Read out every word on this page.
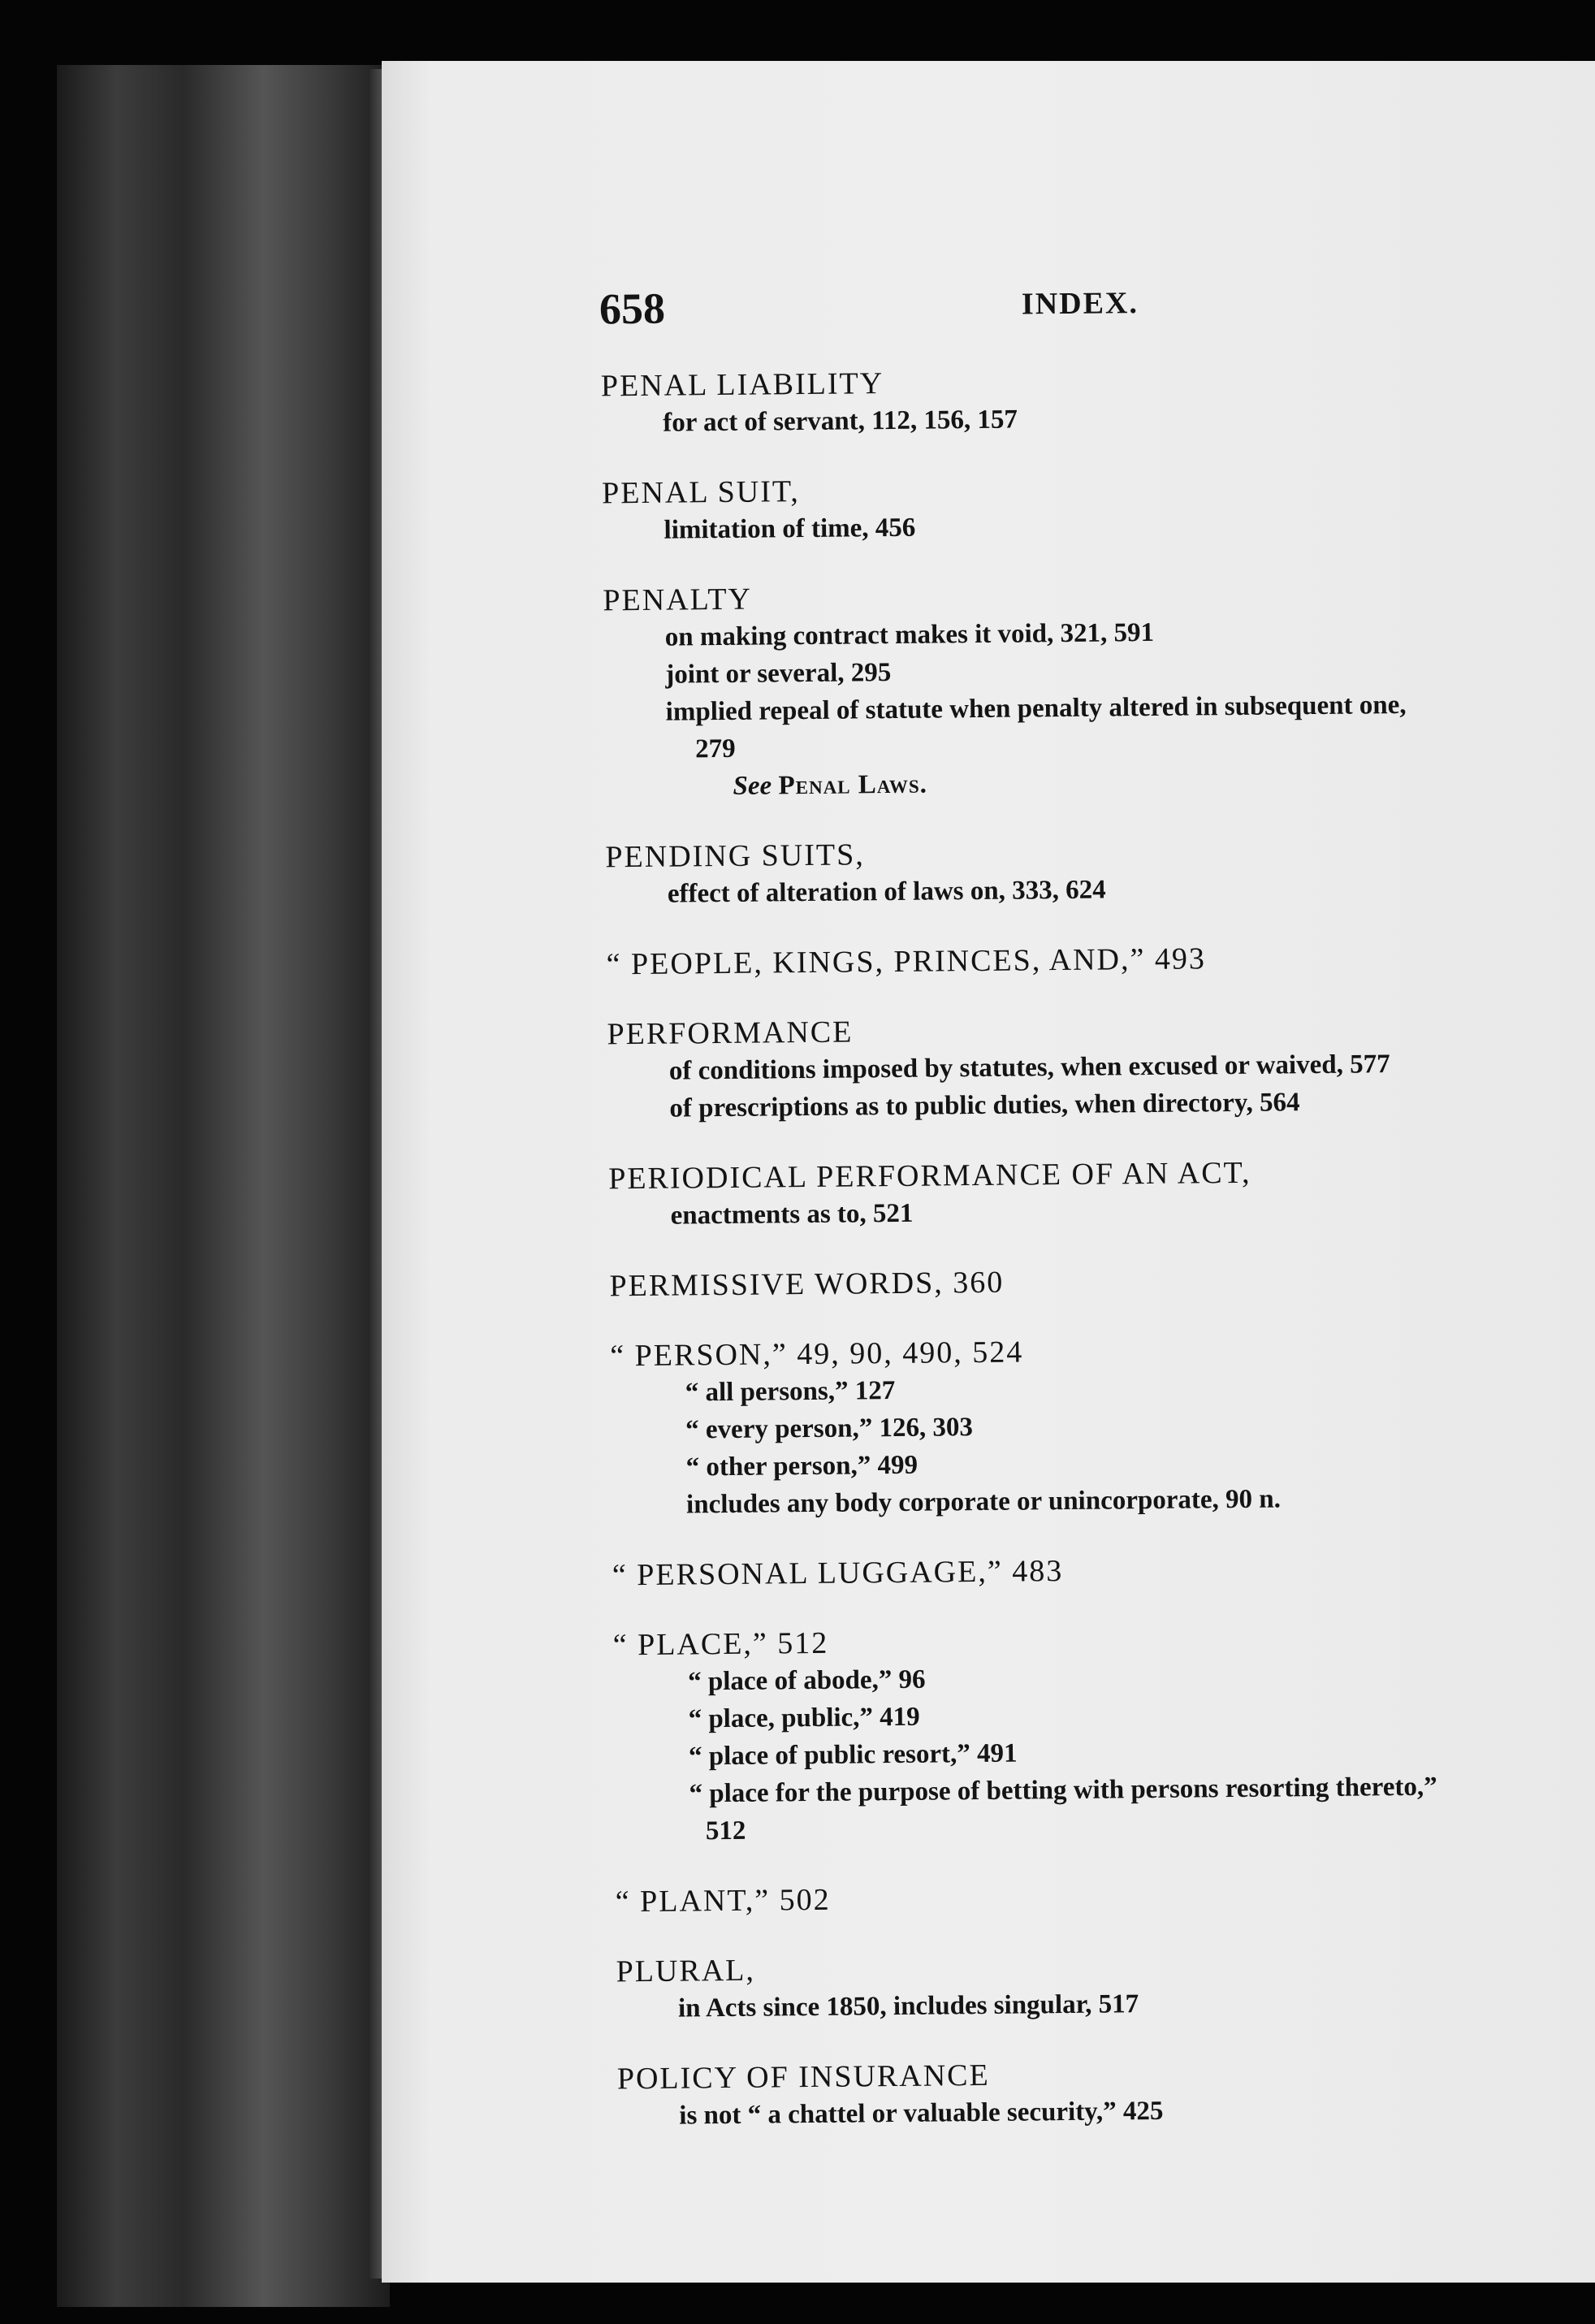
658	INDEX.
PENAL LIABILITY
for act of servant, 112, 156, 157
PENAL SUIT,
limitation of time, 456
PENALTY
on making contract makes it void, 321, 591
joint or several, 295
implied repeal of statute when penalty altered in subsequent one,
279
See Penal Laws.
PENDING SUITS,
effect of alteration of laws on, 333, 624
“ PEOPLE, KINGS, PRINCES, AND,” 493
PERFORMANCE
of conditions imposed by statutes, when excused or waived, 577
of prescriptions as to public duties, when directory, 564
PERIODICAL PERFORMANCE OF AN ACT,
enactments as to, 521
PERMISSIVE WORDS, 360
“ PERSON,” 49, 90, 490, 524
“ all persons,” 127
“ every person,” 126, 303
“ other person,” 499
includes any body corporate or unincorporate, 90 n.
“ PERSONAL LUGGAGE,” 483
“ PLACE,” 512
“ place of abode,” 96
“ place, public,” 419
“ place of public resort,” 491
“ place for the purpose of betting with persons resorting thereto,”
512
“ PLANT,” 502
PLURAL,
in Acts since 1850, includes singular, 517
POLICY OF INSURANCE
is not “ a chattel or valuable security,” 425
